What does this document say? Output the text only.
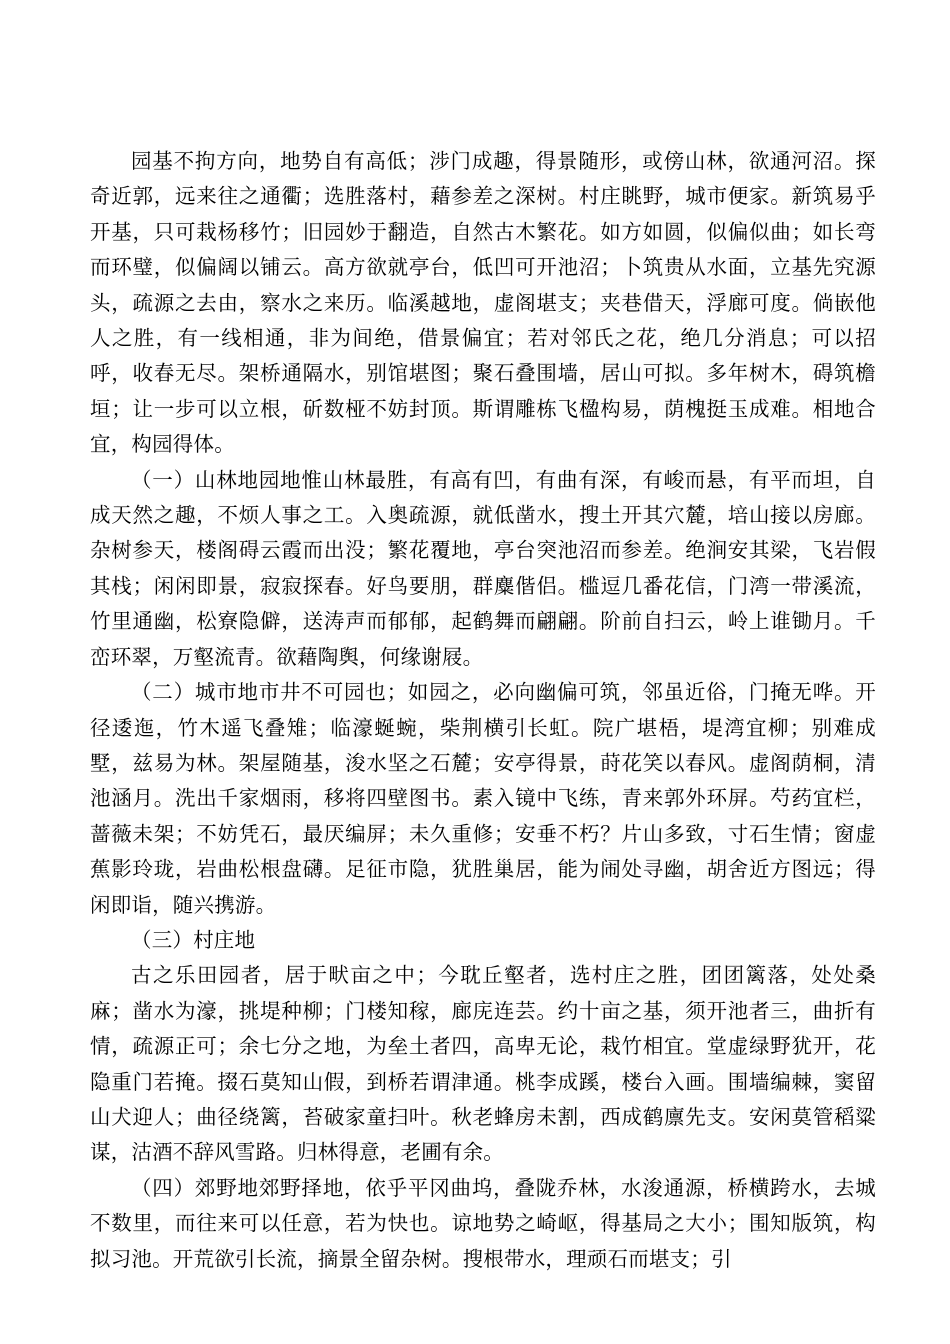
园基不拘方向，地势自有高低；涉门成趣，得景随形，或傍山林，欲通河沼。探奇近郭，远来往之通衢；选胜落村，藉参差之深树。村庄眺野，城市便家。新筑易乎开基，只可栽杨移竹；旧园妙于翻造，自然古木繁花。如方如圆，似偏似曲；如长弯而环璧，似偏阔以铺云。高方欲就亭台，低凹可开池沼；卜筑贵从水面，立基先究源头，疏源之去由，察水之来历。临溪越地，虚阁堪支；夹巷借天，浮廊可度。倘嵌他人之胜，有一线相通，非为间绝，借景偏宜；若对邻氏之花，绝几分消息；可以招呼，收春无尽。架桥通隔水，别馆堪图；聚石叠围墙，居山可拟。多年树木，碍筑檐垣；让一步可以立根，斫数桠不妨封顶。斯谓雕栋飞楹构易，荫槐挺玉成难。相地合宜，构园得体。

（一）山林地园地惟山林最胜，有高有凹，有曲有深，有峻而悬，有平而坦，自成天然之趣，不烦人事之工。入奥疏源，就低凿水，搜土开其穴麓，培山接以房廊。杂树参天，楼阁碍云霞而出没；繁花覆地，亭台突池沼而参差。绝涧安其梁，飞岩假其栈；闲闲即景，寂寂探春。好鸟要朋，群麋偕侣。槛逗几番花信，门湾一带溪流，竹里通幽，松寮隐僻，送涛声而郁郁，起鹤舞而翩翩。阶前自扫云，岭上谁锄月。千峦环翠，万壑流青。欲藉陶舆，何缘谢屐。

（二）城市地市井不可园也；如园之，必向幽偏可筑，邻虽近俗，门掩无哗。开径逶迤，竹木遥飞叠雉；临濠蜒蜿，柴荆横引长虹。院广堪梧，堤湾宜柳；别难成墅，兹易为林。架屋随基，浚水坚之石麓；安亭得景，莳花笑以春风。虚阁荫桐，清池涵月。洗出千家烟雨，移将四壁图书。素入镜中飞练，青来郭外环屏。芍药宜栏，蔷薇未架；不妨凭石，最厌编屏；未久重修；安垂不朽？片山多致，寸石生情；窗虚蕉影玲珑，岩曲松根盘礴。足征市隐，犹胜巢居，能为闹处寻幽，胡舍近方图远；得闲即诣，随兴携游。

（三）村庄地

古之乐田园者，居于畎亩之中；今耽丘壑者，选村庄之胜，团团篱落，处处桑麻；凿水为濠，挑堤种柳；门楼知稼，廊庑连芸。约十亩之基，须开池者三，曲折有情，疏源正可；余七分之地，为垒土者四，高卑无论，栽竹相宜。堂虚绿野犹开，花隐重门若掩。掇石莫知山假，到桥若谓津通。桃李成蹊，楼台入画。围墙编棘，窦留山犬迎人；曲径绕篱，苔破家童扫叶。秋老蜂房未割，西成鹤廪先支。安闲莫管稻粱谋，沽酒不辞风雪路。归林得意，老圃有余。

（四）郊野地郊野择地，依乎平冈曲坞，叠陇乔林，水浚通源，桥横跨水，去城不数里，而往来可以任意，若为快也。谅地势之崎岖，得基局之大小；围知版筑，构拟习池。开荒欲引长流，摘景全留杂树。搜根带水，理顽石而堪支；引
